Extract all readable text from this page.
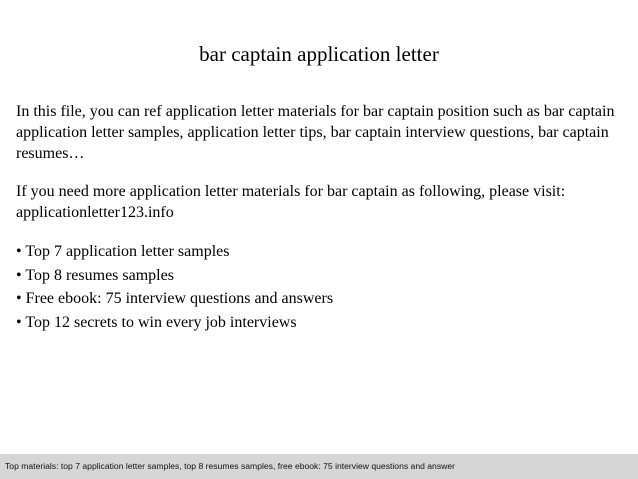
bar captain application letter

In this file, you can ref application letter materials for bar captain position such as bar captain application letter samples, application letter tips, bar captain interview questions, bar captain resumes…

If you need more application letter materials for bar captain as following, please visit: applicationletter123.info

• Top 7 application letter samples
• Top 8 resumes samples
• Free ebook: 75 interview questions and answers
• Top 12 secrets to win every job interviews
Top materials: top 7 application letter samples, top 8 resumes samples, free ebook: 75 interview questions and answer
